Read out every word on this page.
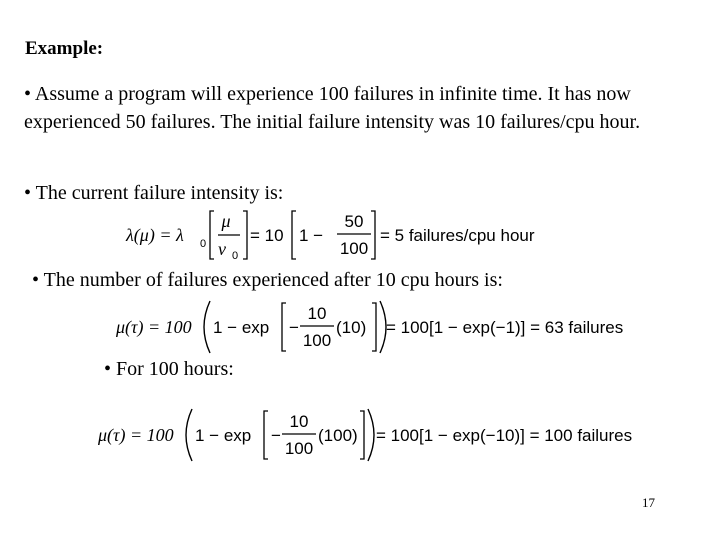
Example:
• Assume a program will experience 100 failures in infinite time. It has now experienced 50 failures. The initial failure intensity was 10 failures/cpu hour.
• The current failure intensity is:
• The number of failures experienced after 10 cpu hours is:
• For 100 hours:
λ(μ) = λ 0
μ
ν 0
= 10 1 −
50
100
= 5 failures/cpu hour
μ(τ) = 100 1 − exp −
10
100
(10) = 100[1 − exp(−1)] = 63 failures
μ(τ) = 100 1 − exp −
10
100
(100) = 100[1 − exp(−10)] = 100 failures
17
